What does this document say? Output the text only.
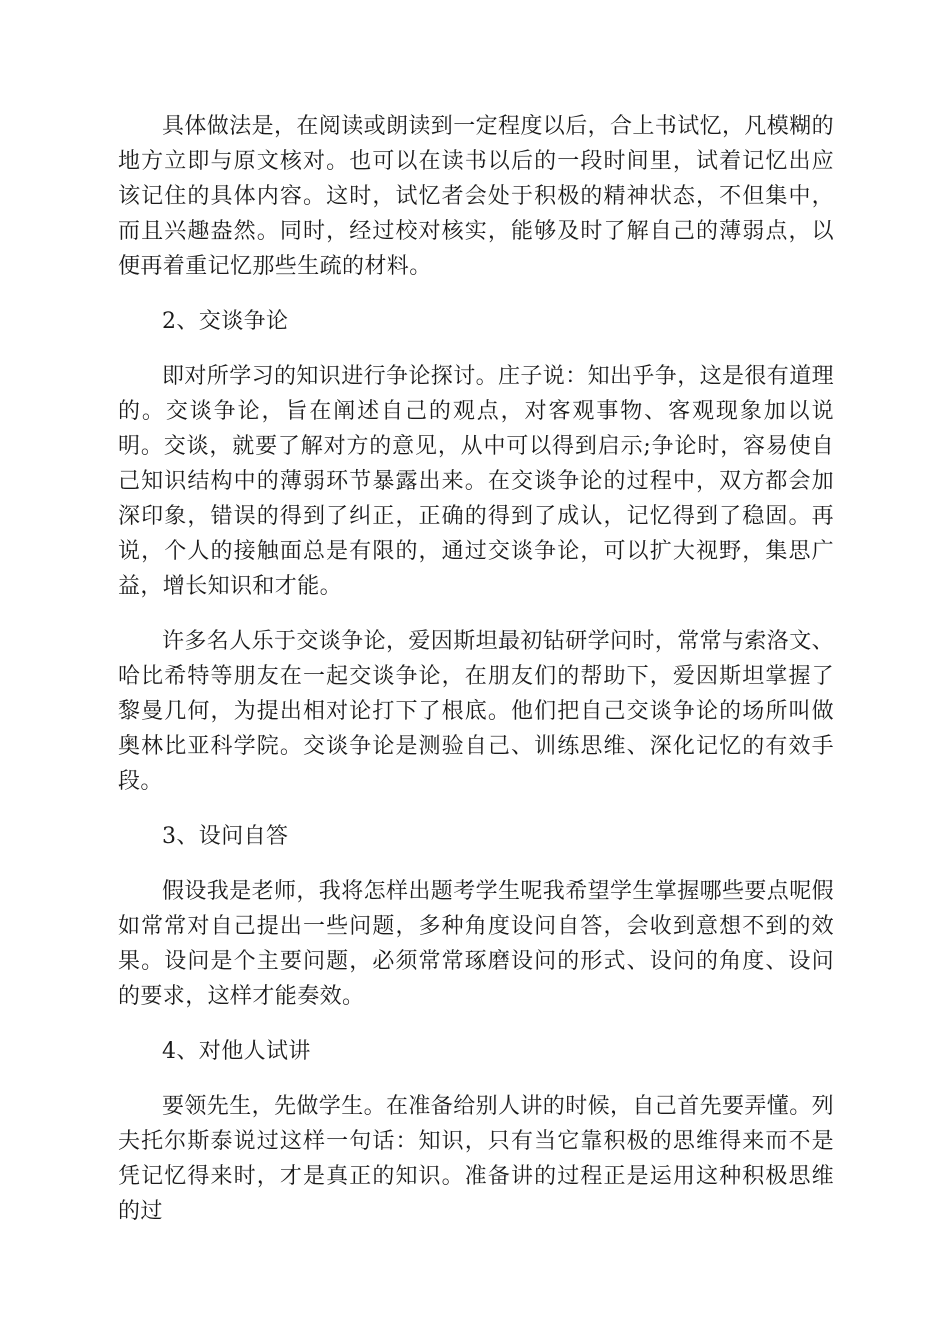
具体做法是，在阅读或朗读到一定程度以后，合上书试忆，凡模糊的地方立即与原文核对。也可以在读书以后的一段时间里，试着记忆出应该记住的具体内容。这时，试忆者会处于积极的精神状态，不但集中，而且兴趣盎然。同时，经过校对核实，能够及时了解自己的薄弱点，以便再着重记忆那些生疏的材料。

2、交谈争论

即对所学习的知识进行争论探讨。庄子说：知出乎争，这是很有道理的。交谈争论，旨在阐述自己的观点，对客观事物、客观现象加以说明。交谈，就要了解对方的意见，从中可以得到启示;争论时，容易使自己知识结构中的薄弱环节暴露出来。在交谈争论的过程中，双方都会加深印象，错误的得到了纠正，正确的得到了成认，记忆得到了稳固。再说，个人的接触面总是有限的，通过交谈争论，可以扩大视野，集思广益，增长知识和才能。

许多名人乐于交谈争论，爱因斯坦最初钻研学问时，常常与索洛文、哈比希特等朋友在一起交谈争论，在朋友们的帮助下，爱因斯坦掌握了黎曼几何，为提出相对论打下了根底。他们把自己交谈争论的场所叫做奥林比亚科学院。交谈争论是测验自己、训练思维、深化记忆的有效手段。

3、设问自答

假设我是老师，我将怎样出题考学生呢我希望学生掌握哪些要点呢假如常常对自己提出一些问题，多种角度设问自答，会收到意想不到的效果。设问是个主要问题，必须常常琢磨设问的形式、设问的角度、设问的要求，这样才能奏效。

4、对他人试讲

要领先生，先做学生。在准备给别人讲的时候，自己首先要弄懂。列夫托尔斯泰说过这样一句话：知识，只有当它靠积极的思维得来而不是凭记忆得来时，才是真正的知识。准备讲的过程正是运用这种积极思维的过
